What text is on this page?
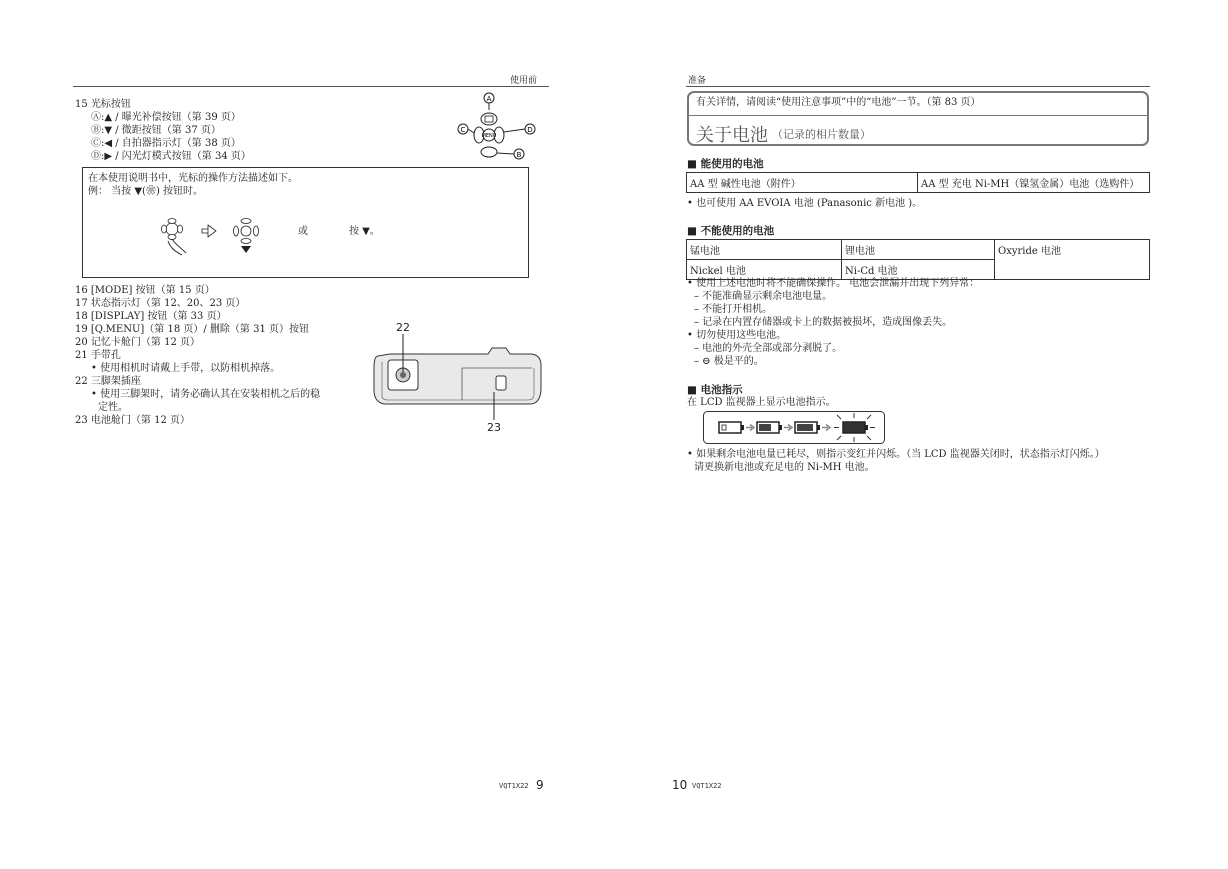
使用前
15 光标按钮
Ⓐ:▲ / 曝光补偿按钮（第 39 页）
Ⓑ:▼ / 微距按钮（第 37 页）
Ⓒ:◀ / 自拍器指示灯（第 38 页）
Ⓓ:▶ / 闪光灯模式按钮（第 34 页）
A
MENU
C	D
B
在本使用说明书中，光标的操作方法描述如下。
例： 当按 ▼(❀) 按钮时。
或	按 ▼。
16 [MODE] 按钮（第 15 页）
17 状态指示灯（第 12、20、23 页）
18 [DISPLAY] 按钮（第 33 页）
19 [Q.MENU]（第 18 页）/ 删除（第 31 页）按钮
20 记忆卡舱门（第 12 页）
21 手带孔
• 使用相机时请戴上手带，以防相机掉落。
22 三脚架插座
• 使用三脚架时，请务必确认其在安装相机之后的稳
定性。
23 电池舱门（第 12 页）
22
23
VQT1X22 9
准备
有关详情，请阅读“使用注意事项”中的“电池”一节。（第 83 页）
关于电池 （记录的相片数量）
■ 能使用的电池
AA 型 碱性电池（附件）	AA 型 充电 Ni-MH（镍氢金属）电池（选购件）
• 也可使用 AA EVOIA 电池 (Panasonic 新电池 )。
■ 不能使用的电池
锰电池	锂电池	Oxyride 电池
Nickel 电池	Ni-Cd 电池	
• 使用上述电池时将不能确保操作。 电池会泄漏并出现下列异常：
– 不能准确显示剩余电池电量。
– 不能打开相机。
– 记录在内置存储器或卡上的数据被损坏，造成图像丢失。
• 切勿使用这些电池。
– 电池的外壳全部或部分剥脱了。
– ⊖ 极是平的。
■ 电池指示
在 LCD 监视器上显示电池指示。
• 如果剩余电池电量已耗尽，则指示变红并闪烁。（当 LCD 监视器关闭时，状态指示灯闪烁。）
请更换新电池或充足电的 Ni-MH 电池。
10 VQT1X22
